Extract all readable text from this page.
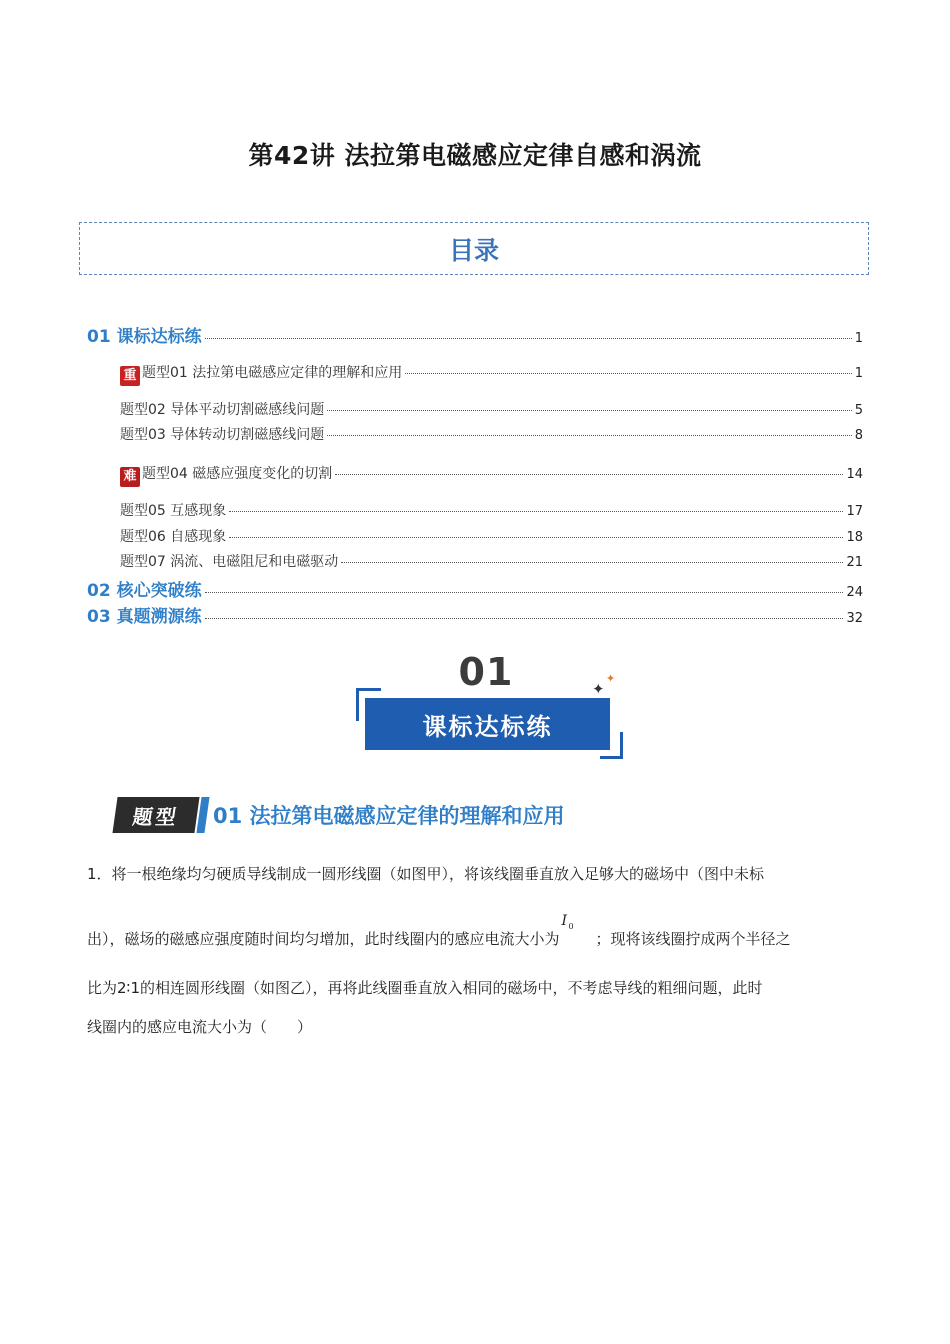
第42讲 法拉第电磁感应定律自感和涡流
目录
01 课标达标练	1
重 题型01 法拉第电磁感应定律的理解和应用	1
题型02 导体平动切割磁感线问题	5
题型03 导体转动切割磁感线问题	8
难 题型04 磁感应强度变化的切割	14
题型05 互感现象	17
题型06 自感现象	18
题型07 涡流、电磁阻尼和电磁驱动	21
02 核心突破练	24
03 真题溯源练	32
01	✦
✦
课标达标练
题型 01 法拉第电磁感应定律的理解和应用
1．将一根绝缘均匀硬质导线制成一圆形线圈（如图甲），将该线圈垂直放入足够大的磁场中（图中未标
出），磁场的磁感应强度随时间均匀增加，此时线圈内的感应电流大小为
I 0
；现将该线圈拧成两个半径之
比为2∶1的相连圆形线圈（如图乙），再将此线圈垂直放入相同的磁场中，不考虑导线的粗细问题，此时
线圈内的感应电流大小为（　　）
